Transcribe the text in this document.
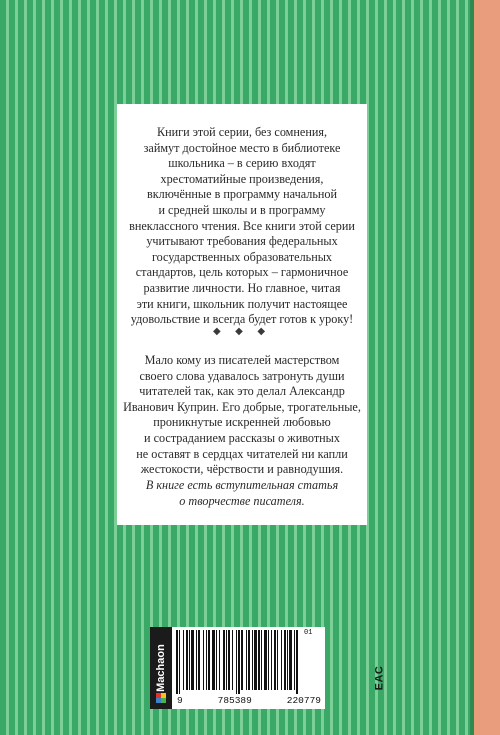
Книги этой серии, без сомнения,
займут достойное место в библиотеке
школьника – в серию входят
хрестоматийные произведения,
включённые в программу начальной
и средней школы и в программу
внеклассного чтения. Все книги этой серии
учитывают требования федеральных
государственных образовательных
стандартов, цель которых – гармоничное
развитие личности. Но главное, читая
эти книги, школьник получит настоящее
удовольствие и всегда будет готов к уроку!

◆ ◆ ◆

Мало кому из писателей мастерством
своего слова удавалось затронуть души
читателей так, как это делал Александр
Иванович Куприн. Его добрые, трогательные,
проникнутые искренней любовью
и состраданием рассказы о животных
не оставят в сердцах читателей ни капли
жестокости, чёрствости и равнодушия.

В книге есть вступительная статья
о творчестве писателя.

Machaon
01
9	785389	220779
EAC
